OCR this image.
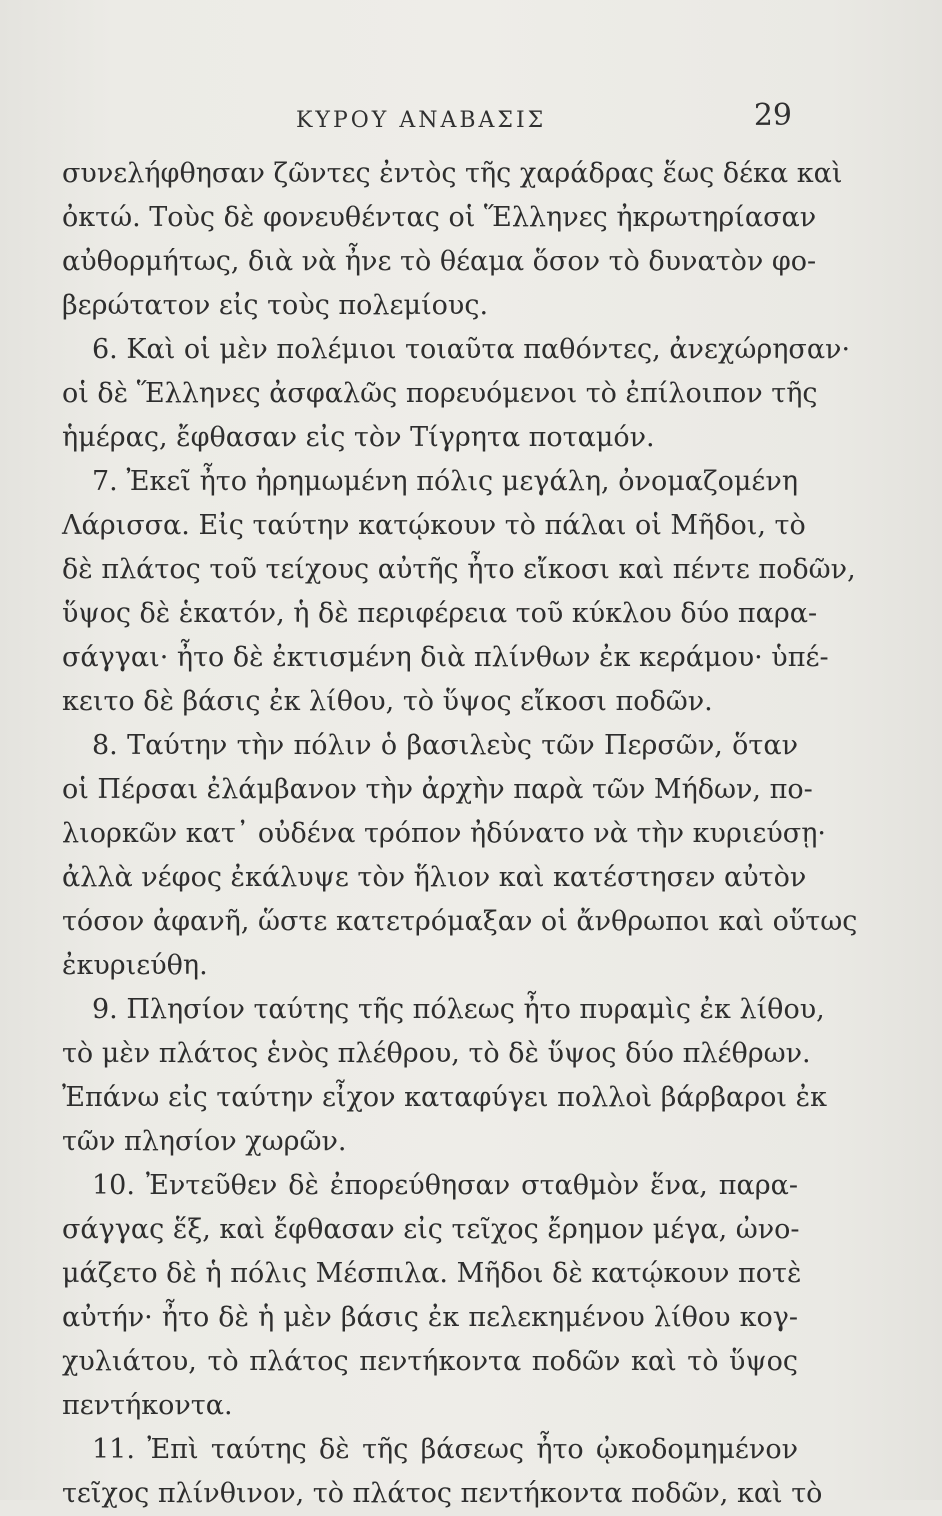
ΚΥΡΟΥ ΑΝΑΒΑΣΙΣ	29
συνελήφθησαν ζῶντες ἐντὸς τῆς χαράδρας ἕως δέκα καὶ
ὀκτώ. Τοὺς δὲ φονευθέντας οἱ Ἕλληνες ἠκρωτηρίασαν
αὐθορμήτως, διὰ νὰ ἦνε τὸ θέαμα ὅσον τὸ δυνατὸν φο-
βερώτατον εἰς τοὺς πολεμίους.
6. Καὶ οἱ μὲν πολέμιοι τοιαῦτα παθόντες, ἀνεχώρησαν·
οἱ δὲ Ἕλληνες ἀσφαλῶς πορευόμενοι τὸ ἐπίλοιπον τῆς
ἡμέρας, ἔφθασαν εἰς τὸν Τίγρητα ποταμόν.
7. Ἐκεῖ ἦτο ἠρημωμένη πόλις μεγάλη, ὀνομαζομένη
Λάρισσα. Εἰς ταύτην κατῴκουν τὸ πάλαι οἱ Μῆδοι, τὸ
δὲ πλάτος τοῦ τείχους αὐτῆς ἦτο εἴκοσι καὶ πέντε ποδῶν,
ὕψος δὲ ἑκατόν, ἡ δὲ περιφέρεια τοῦ κύκλου δύο παρα-
σάγγαι· ἦτο δὲ ἐκτισμένη διὰ πλίνθων ἐκ κεράμου· ὑπέ-
κειτο δὲ βάσις ἐκ λίθου, τὸ ὕψος εἴκοσι ποδῶν.
8. Ταύτην τὴν πόλιν ὁ βασιλεὺς τῶν Περσῶν, ὅταν
οἱ Πέρσαι ἐλάμβανον τὴν ἀρχὴν παρὰ τῶν Μήδων, πο-
λιορκῶν κατ᾽ οὐδένα τρόπον ἠδύνατο νὰ τὴν κυριεύσῃ·
ἀλλὰ νέφος ἐκάλυψε τὸν ἥλιον καὶ κατέστησεν αὐτὸν
τόσον ἀφανῆ, ὥστε κατετρόμαξαν οἱ ἄνθρωποι καὶ οὕτως
ἐκυριεύθη.
9. Πλησίον ταύτης τῆς πόλεως ἦτο πυραμὶς ἐκ λίθου,
τὸ μὲν πλάτος ἑνὸς πλέθρου, τὸ δὲ ὕψος δύο πλέθρων.
Ἐπάνω εἰς ταύτην εἶχον καταφύγει πολλοὶ βάρβαροι ἐκ
τῶν πλησίον χωρῶν.
10. Ἐντεῦθεν δὲ ἐπορεύθησαν σταθμὸν ἕνα, παρα-
σάγγας ἕξ, καὶ ἔφθασαν εἰς τεῖχος ἔρημον μέγα, ὠνο-
μάζετο δὲ ἡ πόλις Μέσπιλα. Μῆδοι δὲ κατῴκουν ποτὲ
αὐτήν· ἦτο δὲ ἡ μὲν βάσις ἐκ πελεκημένου λίθου κογ-
χυλιάτου, τὸ πλάτος πεντήκοντα ποδῶν καὶ τὸ ὕψος
πεντήκοντα.
11. Ἐπὶ ταύτης δὲ τῆς βάσεως ἦτο ᾠκοδομημένον
τεῖχος πλίνθινον, τὸ πλάτος πεντήκοντα ποδῶν, καὶ τὸ
